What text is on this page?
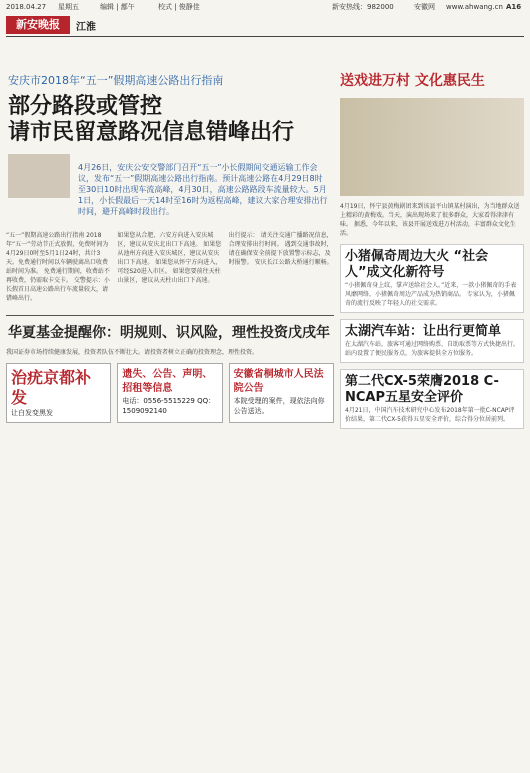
2018.04.27 星期五	编辑 | 鄯午	校式 | 俊静佳	新安热线：982000	安徽网 www.ahwang.cn A16
新安晚报	江淮
安庆市2018年“五一”假期高速公路出行指南
部分路段或管控
请市民留意路况信息错峰出行
4月26日，安庆公安交警部门召开“五一”小长假期间交通运输工作会议，发布“五一”假期高速公路出行指南。预计高速公路在4月29日8时至30日10时出现车流高峰，4月30日，高速公路路段车流量较大。5月1日，小长假最后一天14时至16时为返程高峰，建议大家合理安排出行时间，避开高峰时段出行。

“五一”假期高速公路出行指南 2018年“五一”劳动节正式放假，免费时间为4月29日0时至5月1日24时，共计3天。免费通行时间以车辆驶离出口收费站时间为准。 免费通行期间，收费站不再收费，仍需取卡交卡。 交警提示：小长假首日高速公路出行车流量较大，请错峰出行。

如果您从合肥、六安方向进入安庆城区，建议从安庆北出口下高速。 如果您从池州方向进入安庆城区，建议从安庆出口下高速。 如果您从怀宁方向进入，可经S20进入市区。 如果您要前往天柱山景区，建议从天柱山出口下高速。

出行提示： 请关注交通广播路况信息，合理安排出行时间。 遇到交通事故时，请在确保安全前提下放置警示标志，及时报警。 安庆长江公路大桥通行顺畅。

华夏基金提醒你：明规则、识风险，理性投资戊戌年
我国证券市场持续健康发展，投资者队伍不断壮大。请投资者树立正确的投资理念，理性投资。
治疣京都补发
让白发变黑发
遗失、公告、声明、招租等信息
电话：0556-5515229 QQ：1509092140
安徽省桐城市人民法院公告
本院受理的案件，现依法向你公告送达。
送戏进万村 文化惠民生
4月19日，怀宁县黄梅剧团来到该县平山镇某村演出，为当地群众送上精彩的黄梅戏。当天，演出现场来了很多群众，大家看得津津有味。 据悉，今年以来，该县开展送戏进万村活动，丰富群众文化生活。
小猪佩奇周边大火 “社会人”成文化新符号
“小猪佩奇身上纹，掌声送给社会人。”近来，一款小猪佩奇的手表风靡网络，小猪佩奇周边产品成为热销商品。 专家认为，小猪佩奇的流行反映了年轻人的社交需求。
太湖汽车站：让出行更简单
在太湖汽车站，旅客可通过网络购票、自助取票等方式快捷出行。站内设置了便民服务点，为旅客提供全方位服务。
第二代CX-5荣膺2018 C-NCAP五星安全评价
4月21日，中国汽车技术研究中心发布2018年第一批C-NCAP评价结果，第二代CX-5获得五星安全评价，综合得分位居前列。
